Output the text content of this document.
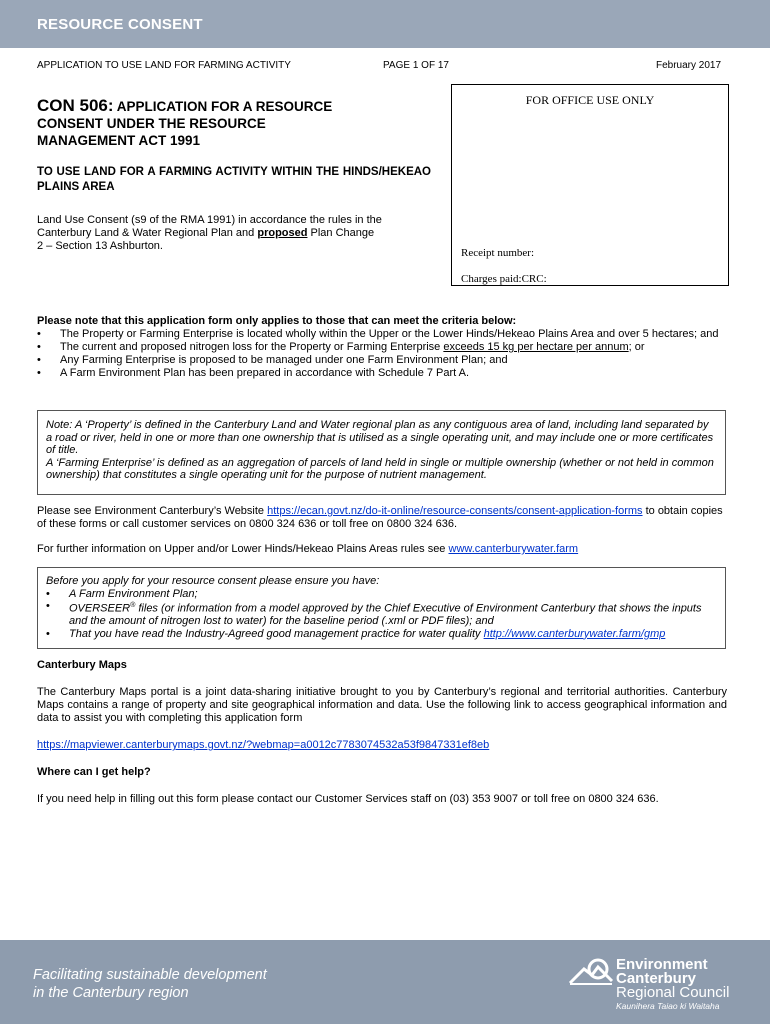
RESOURCE CONSENT
APPLICATION TO USE LAND FOR FARMING ACTIVITY	PAGE 1 OF 17	February 2017
FOR OFFICE USE ONLY
Receipt number:
Charges paid:CRC:
CON 506: APPLICATION FOR A RESOURCE
CONSENT UNDER THE RESOURCE
MANAGEMENT ACT 1991
TO USE LAND FOR A FARMING ACTIVITY WITHIN THE HINDS/HEKEAO PLAINS AREA
Land Use Consent (s9 of the RMA 1991) in accordance the rules in the Canterbury Land & Water Regional Plan and proposed Plan Change 2 – Section 13 Ashburton.
Please note that this application form only applies to those that can meet the criteria below:
• The Property or Farming Enterprise is located wholly within the Upper or the Lower Hinds/Hekeao Plains Area and over 5 hectares; and
• The current and proposed nitrogen loss for the Property or Farming Enterprise exceeds 15 kg per hectare per annum; or
• Any Farming Enterprise is proposed to be managed under one Farm Environment Plan; and
• A Farm Environment Plan has been prepared in accordance with Schedule 7 Part A.
Note: A ‘Property’ is defined in the Canterbury Land and Water regional plan as any contiguous area of land, including land separated by a road or river, held in one or more than one ownership that is utilised as a single operating unit, and may include one or more certificates of title.
A ‘Farming Enterprise’ is defined as an aggregation of parcels of land held in single or multiple ownership (whether or not held in common ownership) that constitutes a single operating unit for the purpose of nutrient management.
Please see Environment Canterbury’s Website https://ecan.govt.nz/do-it-online/resource-consents/consent-application-forms to obtain copies of these forms or call customer services on 0800 324 636 or toll free on 0800 324 636.
For further information on Upper and/or Lower Hinds/Hekeao Plains Areas rules see www.canterburywater.farm
Before you apply for your resource consent please ensure you have:
• A Farm Environment Plan;
• OVERSEER® files (or information from a model approved by the Chief Executive of Environment Canterbury that shows the inputs and the amount of nitrogen lost to water) for the baseline period (.xml or PDF files); and
• That you have read the Industry-Agreed good management practice for water quality http://www.canterburywater.farm/gmp
Canterbury Maps
The Canterbury Maps portal is a joint data-sharing initiative brought to you by Canterbury’s regional and territorial authorities. Canterbury Maps contains a range of property and site geographical information and data. Use the following link to access geographical information and data to assist you with completing this application form
https://mapviewer.canterburymaps.govt.nz/?webmap=a0012c7783074532a53f9847331ef8eb
Where can I get help?
If you need help in filling out this form please contact our Customer Services staff on (03) 353 9007 or toll free on 0800 324 636.
Facilitating sustainable development
in the Canterbury region
Environment
Canterbury
Regional Council
Kaunihera Taiao ki Waitaha
